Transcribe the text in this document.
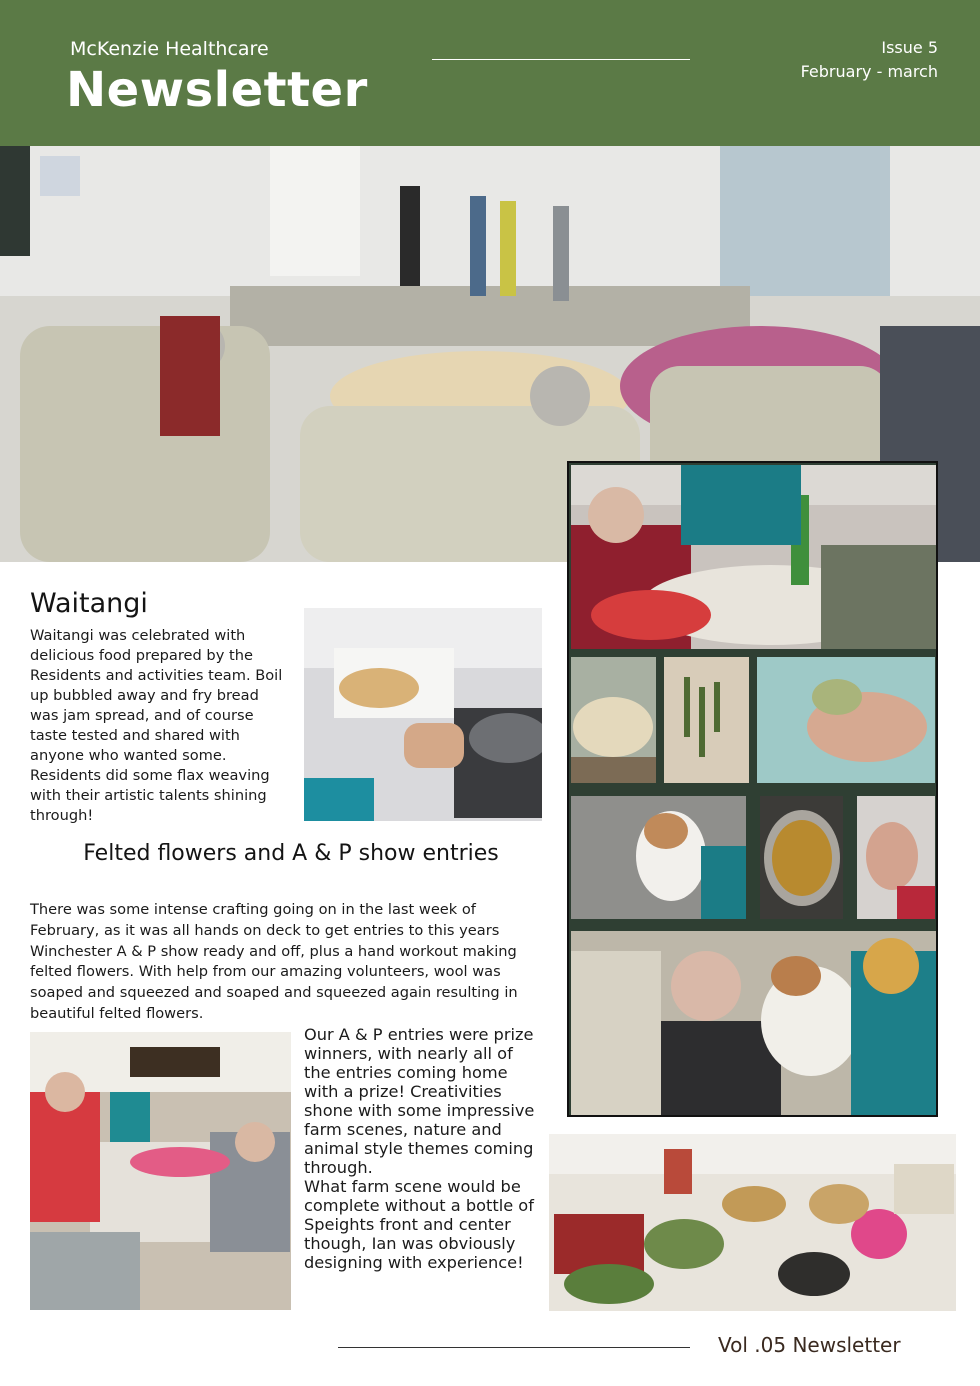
McKenzie Healthcare
Newsletter
Issue 5
February - march
Waitangi
Waitangi was celebrated with delicious food prepared by the Residents and activities team. Boil up bubbled away and fry bread was jam spread, and of course taste tested and shared with anyone who wanted some. Residents did some flax weaving with their artistic talents shining through!
Felted flowers and A & P show entries
There was some intense crafting going on in the last week of February, as it was all hands on deck to get entries to this years Winchester A & P show ready and off, plus a hand workout making felted flowers. With help from our amazing volunteers, wool was soaped and squeezed and soaped and squeezed again resulting in beautiful felted flowers.
Our A & P entries were prize winners, with nearly all of the entries coming home with a prize! Creativities shone with some impressive farm scenes, nature and animal style themes coming through.
What farm scene would be complete without a bottle of Speights front and center though, Ian was obviously designing with experience!
Vol .05 Newsletter
